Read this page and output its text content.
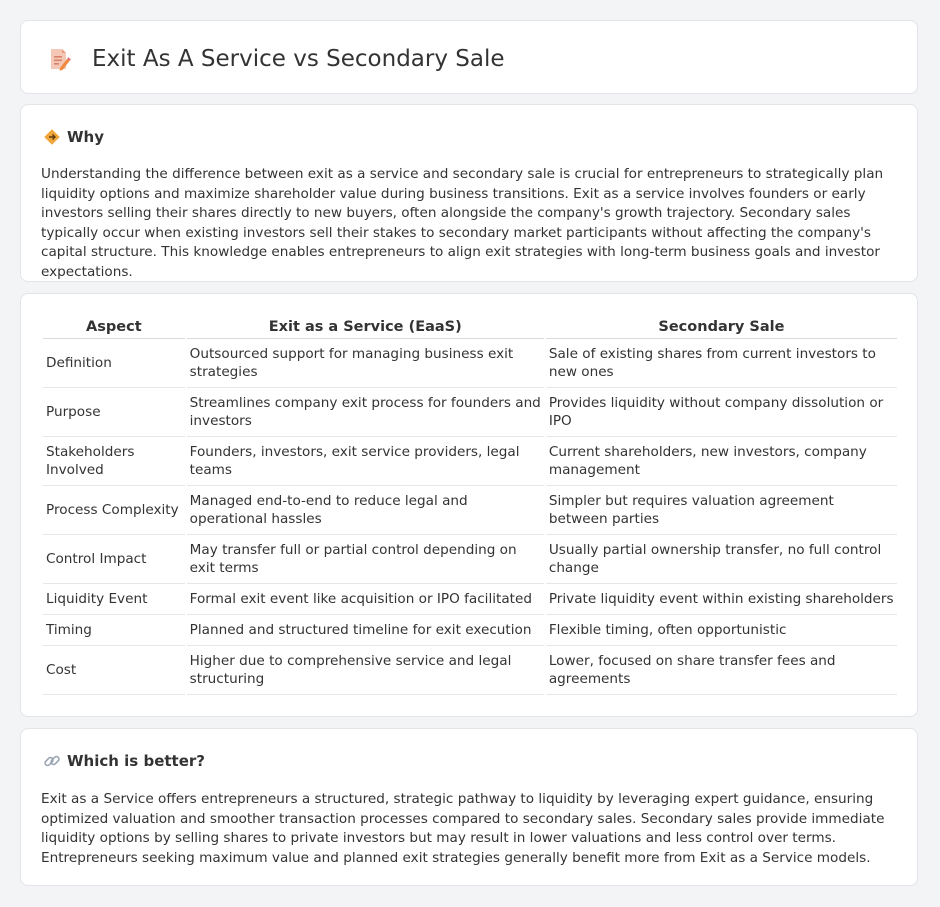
Exit As A Service vs Secondary Sale
Why

Understanding the difference between exit as a service and secondary sale is crucial for entrepreneurs to strategically plan liquidity options and maximize shareholder value during business transitions. Exit as a service involves founders or early investors selling their shares directly to new buyers, often alongside the company's growth trajectory. Secondary sales typically occur when existing investors sell their stakes to secondary market participants without affecting the company's capital structure. This knowledge enables entrepreneurs to align exit strategies with long-term business goals and investor expectations.

Aspect	Exit as a Service (EaaS)	Secondary Sale
Definition	Outsourced support for managing business exit strategies	Sale of existing shares from current investors to new ones
Purpose	Streamlines company exit process for founders and investors	Provides liquidity without company dissolution or IPO
Stakeholders Involved	Founders, investors, exit service providers, legal teams	Current shareholders, new investors, company management
Process Complexity	Managed end-to-end to reduce legal and operational hassles	Simpler but requires valuation agreement between parties
Control Impact	May transfer full or partial control depending on exit terms	Usually partial ownership transfer, no full control change
Liquidity Event	Formal exit event like acquisition or IPO facilitated	Private liquidity event within existing shareholders
Timing	Planned and structured timeline for exit execution	Flexible timing, often opportunistic
Cost	Higher due to comprehensive service and legal structuring	Lower, focused on share transfer fees and agreements
Which is better?

Exit as a Service offers entrepreneurs a structured, strategic pathway to liquidity by leveraging expert guidance, ensuring optimized valuation and smoother transaction processes compared to secondary sales. Secondary sales provide immediate liquidity options by selling shares to private investors but may result in lower valuations and less control over terms. Entrepreneurs seeking maximum value and planned exit strategies generally benefit more from Exit as a Service models.
